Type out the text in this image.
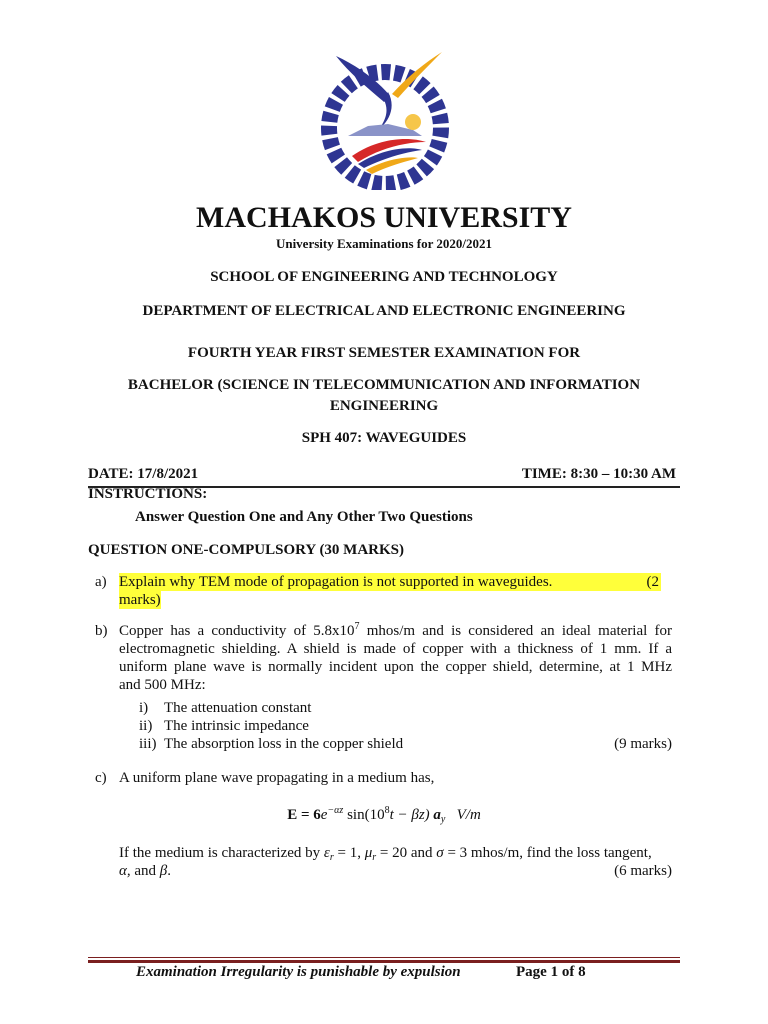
MACHAKOS UNIVERSITY
University Examinations for 2020/2021
SCHOOL OF ENGINEERING AND TECHNOLOGY
DEPARTMENT OF ELECTRICAL AND ELECTRONIC ENGINEERING
FOURTH YEAR FIRST SEMESTER EXAMINATION FOR
BACHELOR (SCIENCE IN TELECOMMUNICATION AND INFORMATION
ENGINEERING
SPH 407: WAVEGUIDES
DATE: 17/8/2021	TIME: 8:30 – 10:30 AM
INSTRUCTIONS:
Answer Question One and Any Other Two Questions
QUESTION ONE-COMPULSORY (30 MARKS)
a) Explain why TEM mode of propagation is not supported in waveguides.	(2
marks)
b) Copper has a conductivity of $5.8x10^7$ mhos/m and is considered an ideal material for
electromagnetic shielding. A shield is made of copper with a thickness of 1 mm. If a
uniform plane wave is normally incident upon the copper shield, determine, at 1 MHz
and 500 MHz:
i) The attenuation constant
ii) The intrinsic impedance
iii) The absorption loss in the copper shield	(9 marks)
c) A uniform plane wave propagating in a medium has,
$E = 6e^{-\alpha z}$ $\sin(10^8t - \beta z)$ $a_y$ V/m
If the medium is characterized by $\varepsilon_r = 1$, $\mu_r = 20$ and σ = 3 mhos/m, find the loss tangent,
α, and β.	(6 marks)
Examination Irregularity is punishable by expulsion	Page 1 of 8
